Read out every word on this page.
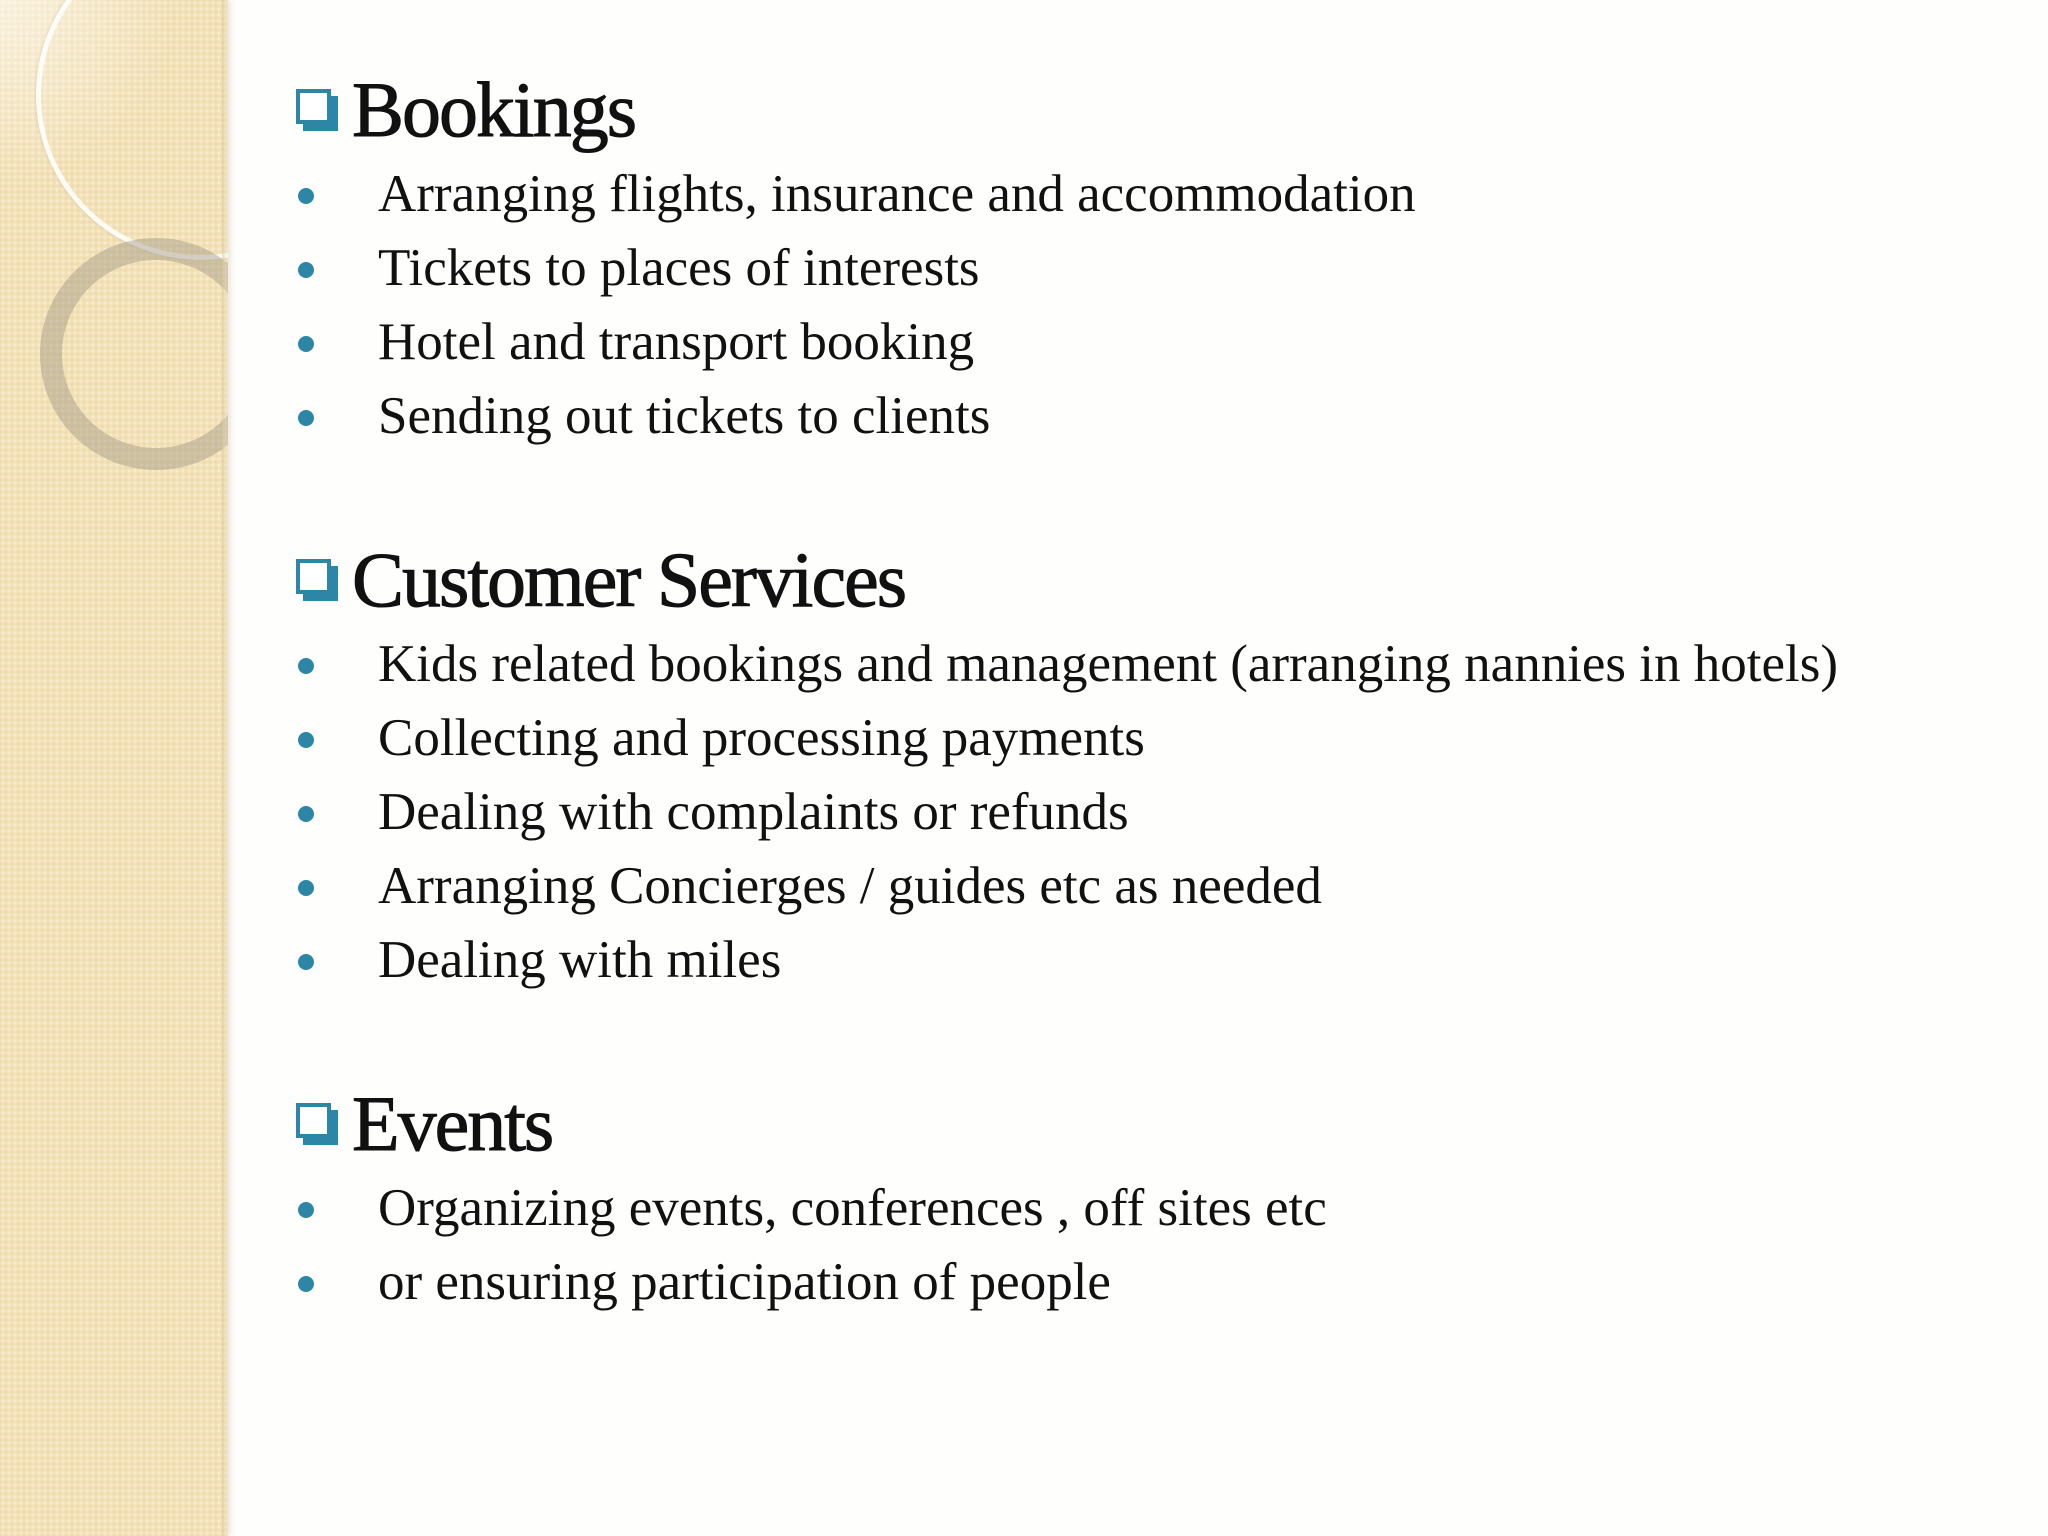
Bookings
Arranging flights, insurance and accommodation
Tickets to places of interests
Hotel and transport booking
Sending out tickets to clients
Customer Services
Kids related bookings and management (arranging nannies in hotels)
Collecting and processing payments
Dealing with complaints or refunds
Arranging Concierges / guides etc as needed
Dealing with miles
Events
Organizing events, conferences , off sites etc
or ensuring participation of people
